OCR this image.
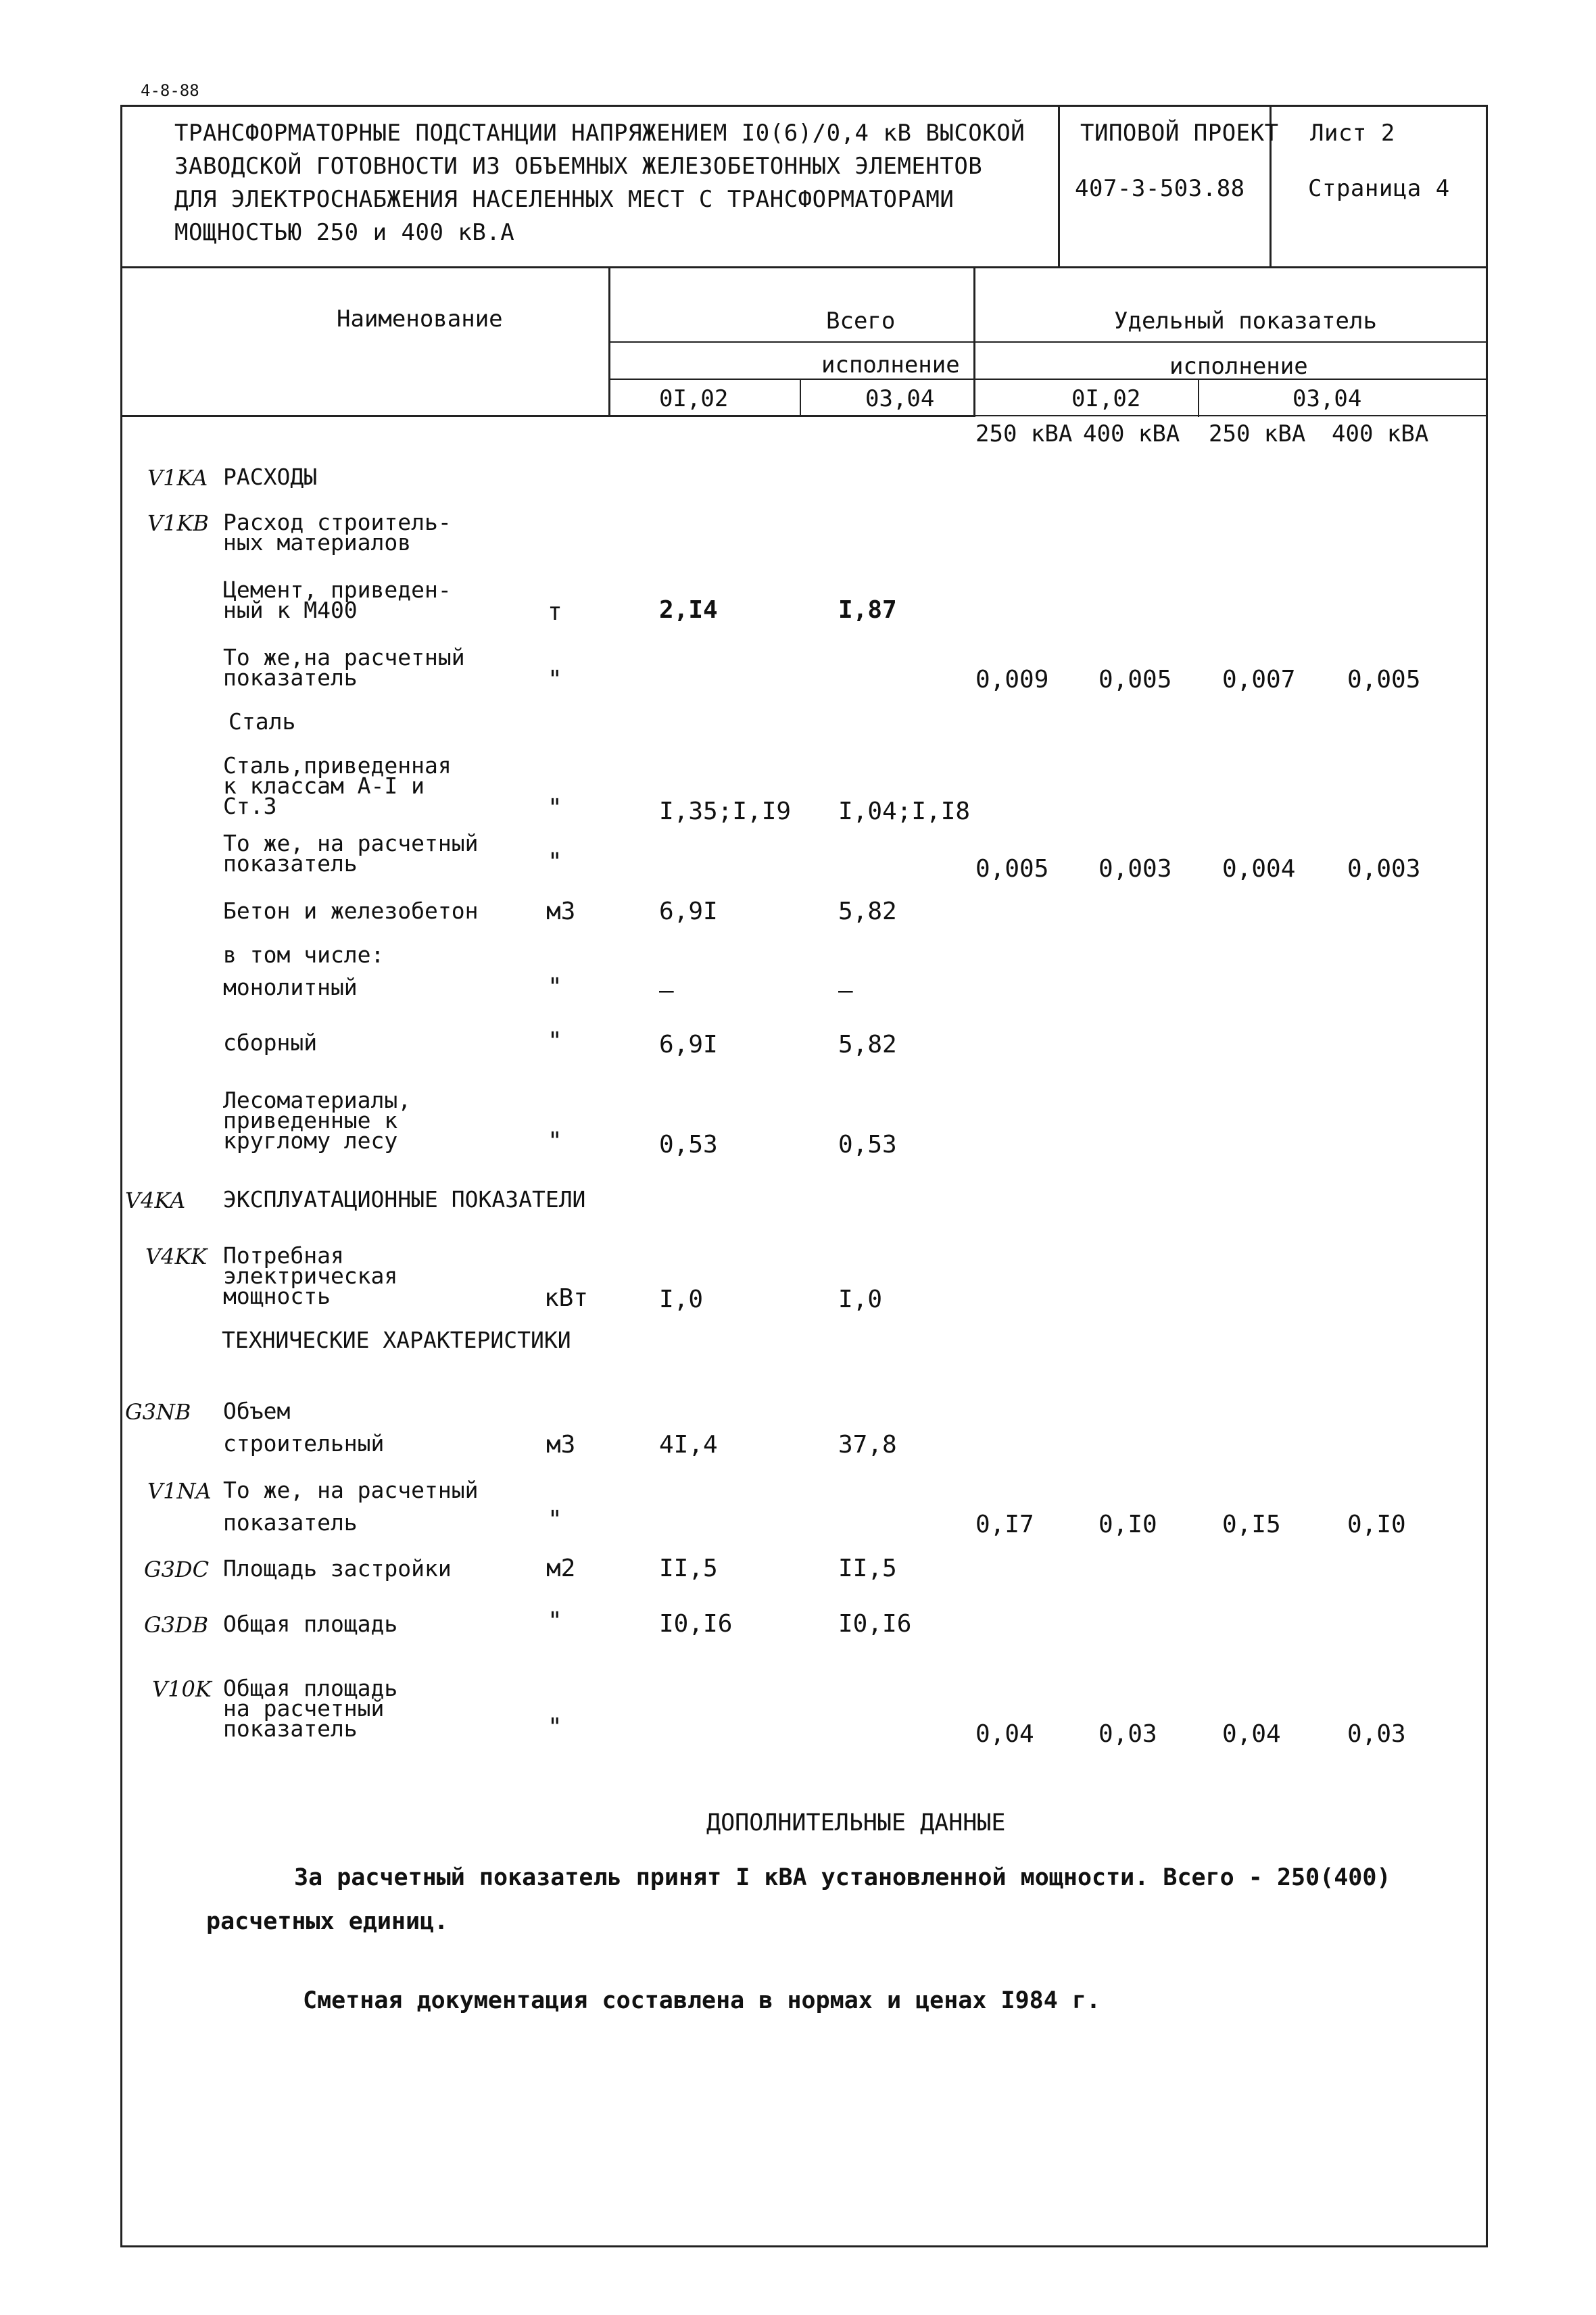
4-8-88
ТРАНСФОРМАТОРНЫЕ ПОДСТАНЦИИ НАПРЯЖЕНИЕМ I0(6)/0,4 кВ ВЫСОКОЙ
ЗАВОДСКОЙ ГОТОВНОСТИ ИЗ ОБЪЕМНЫХ ЖЕЛЕЗОБЕТОННЫХ ЭЛЕМЕНТОВ
ДЛЯ ЭЛЕКТРОСНАБЖЕНИЯ НАСЕЛЕННЫХ МЕСТ С ТРАНСФОРМАТОРАМИ
МОЩНОСТЬЮ 250 и 400 кВ.А
ТИПОВОЙ ПРОЕКТ
407-3-503.88
Лист 2
Страница 4
Наименование	Всего
исполнение
0I,02	03,04
Удельный показатель
исполнение
0I,02	03,04
250 кВА 400 кВА 250 кВА 400 кВА
V1KA РАСХОДЫ
V1KB Расход строитель-
ных материалов
Цемент, приведен-
ный к М400	т	2,I4	I,87
То же,на расчетный
показатель	"	0,009 0,005 0,007 0,005
Сталь
Сталь,приведенная
к классам А-I и
Ст.3	"	I,35;I,I9 I,04;I,I8
То же, на расчетный
показатель	"	0,005 0,003 0,004 0,003
Бетон и железобетон	м3	6,9I	5,82
в том числе:
монолитный	"	–	–
сборный	"	6,9I	5,82
Лесоматериалы,
приведенные к
круглому лесу	"	0,53	0,53
V4KA ЭКСПЛУАТАЦИОННЫЕ ПОКАЗАТЕЛИ
V4KK Потребная
электрическая
мощность	кВт	I,0	I,0
ТЕХНИЧЕСКИЕ ХАРАКТЕРИСТИКИ
G3NB Объем
строительный	м3	4I,4	37,8
V1NA То же, на расчетный
показатель	"	0,I7	0,I0	0,I5	0,I0
G3DC Площадь застройки	м2	II,5	II,5
G3DB Общая площадь	"	I0,I6	I0,I6
V10K Общая площадь
на расчетный
показатель	"	0,04	0,03	0,04	0,03
ДОПОЛНИТЕЛЬНЫЕ ДАННЫЕ
За расчетный показатель принят I кВА установленной мощности. Всего - 250(400)
расчетных единиц.
Сметная документация составлена в нормах и ценах I984 г.
